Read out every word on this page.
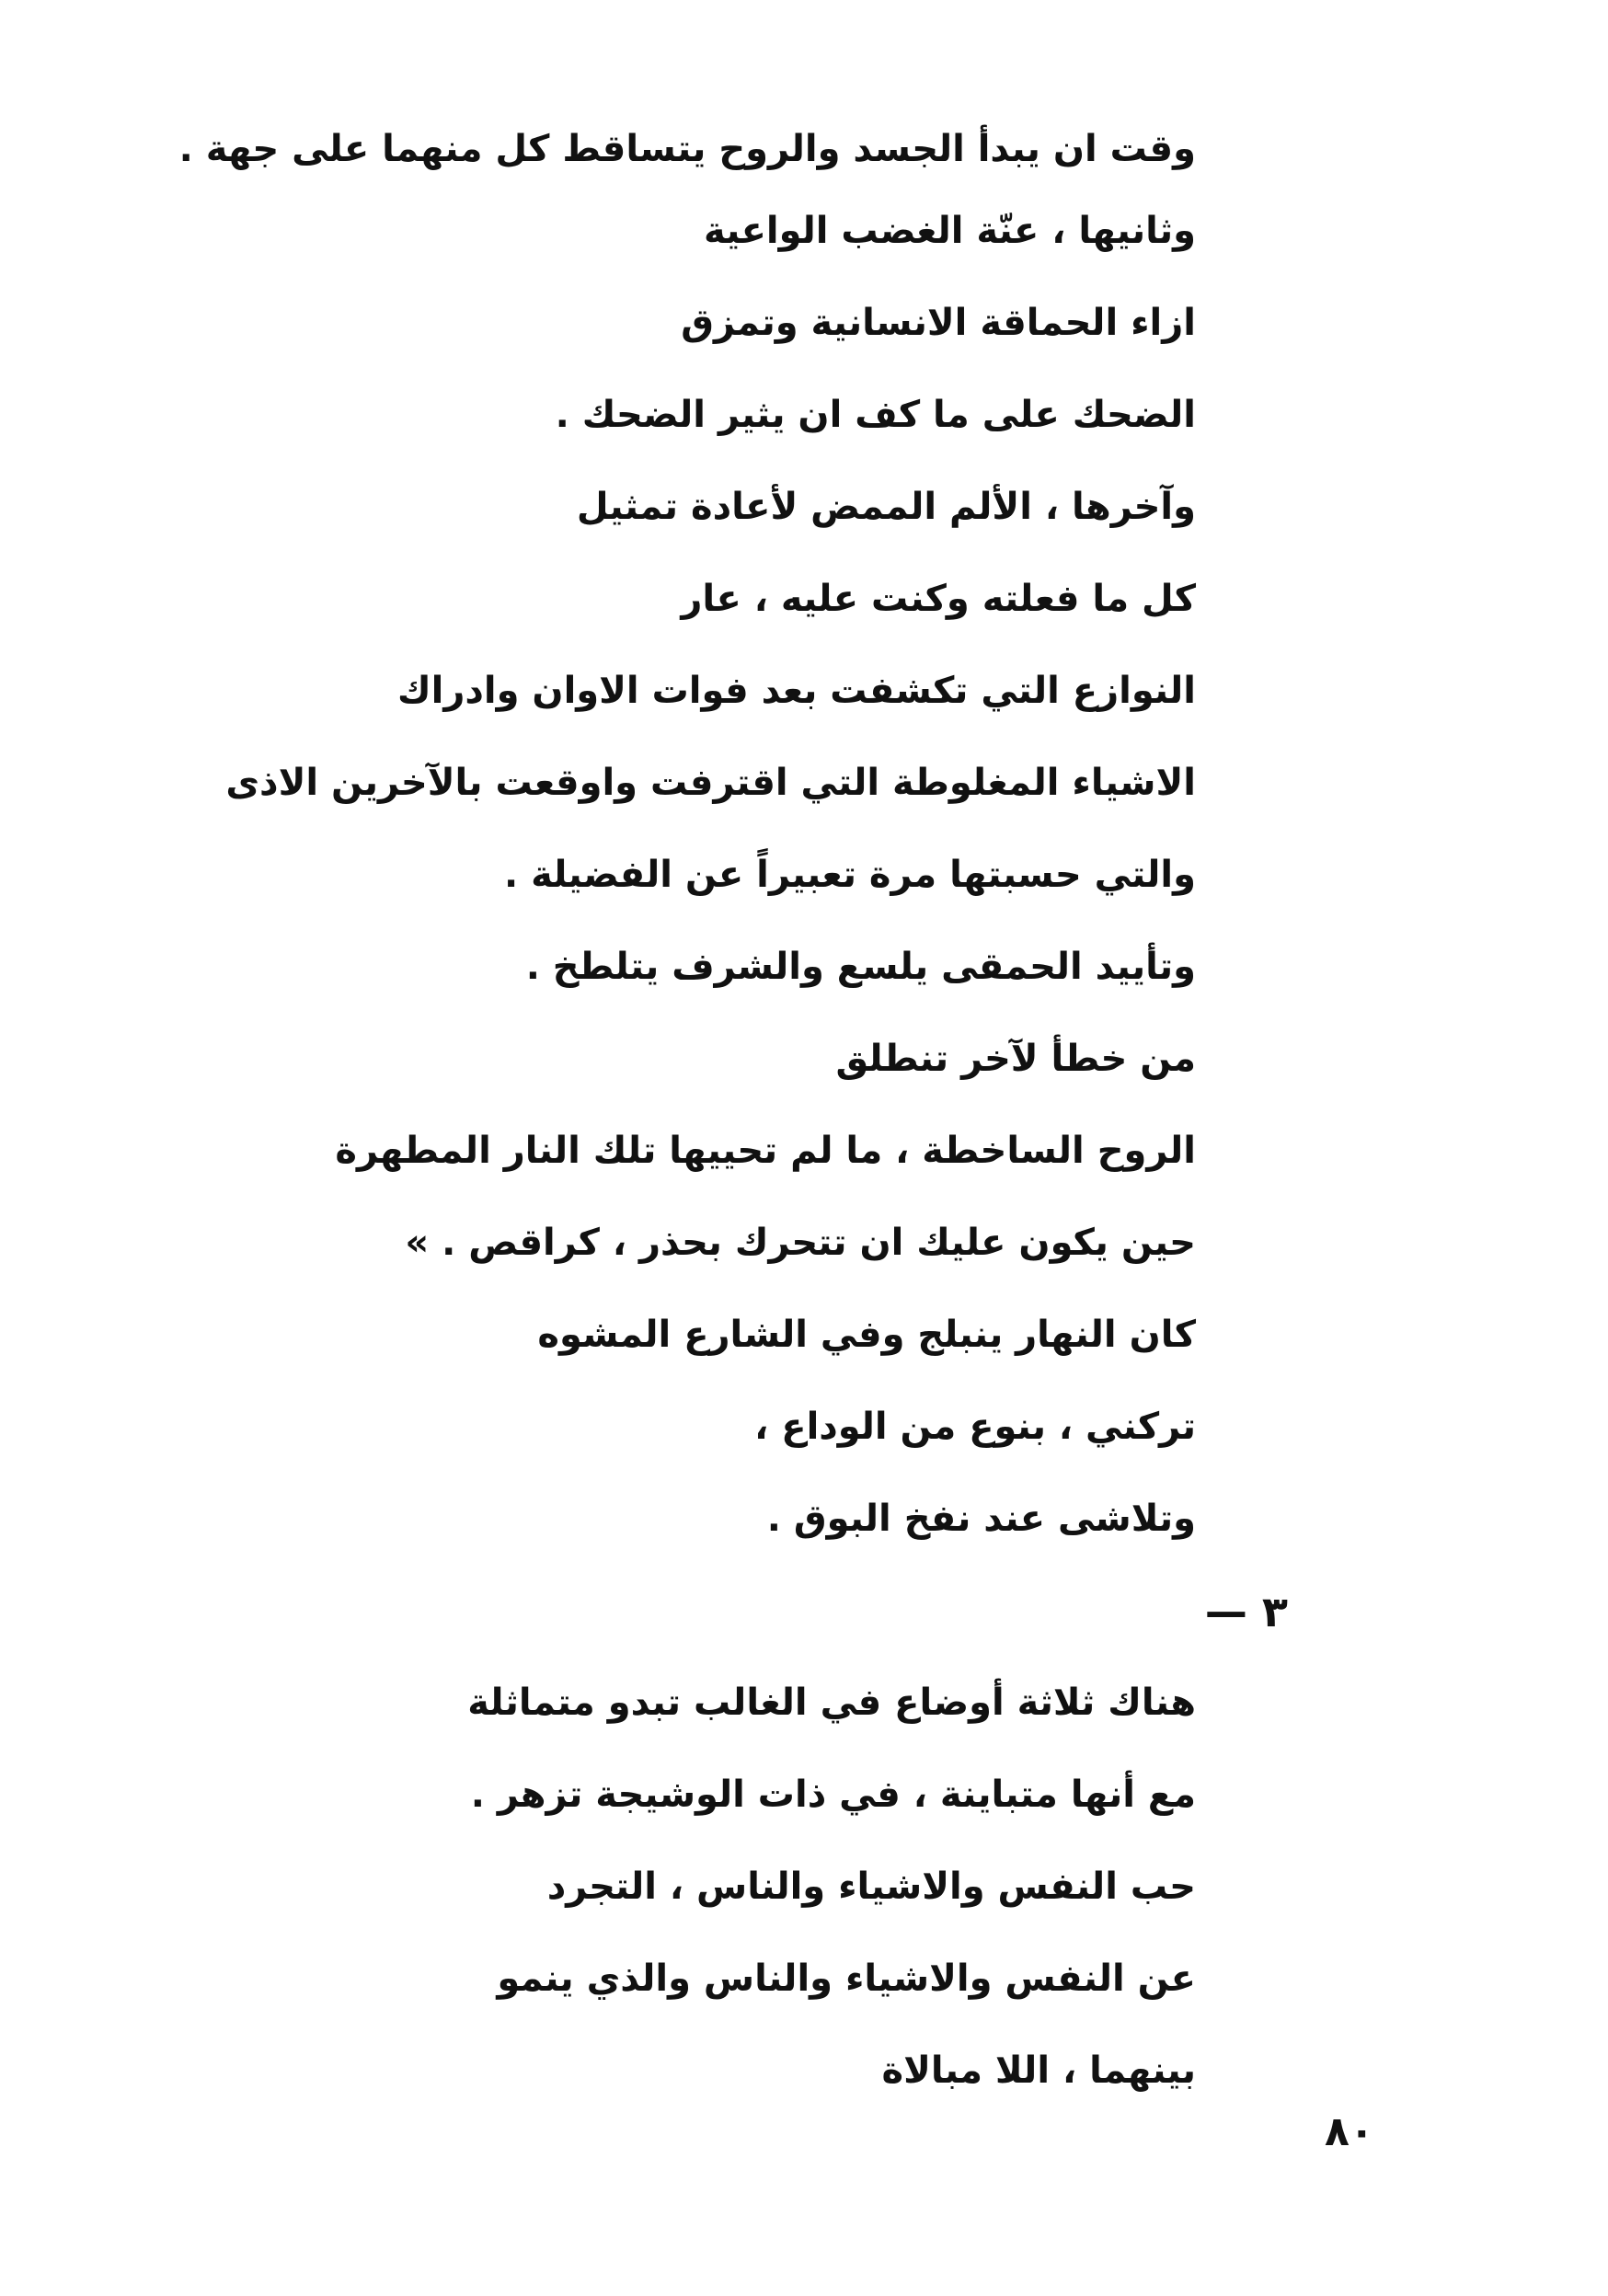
وقت ان يبدأ الجسد والروح يتساقط كل منهما على جهة .
وثانيها ، عنّة الغضب الواعية
ازاء الحماقة الانسانية وتمزق
الضحك على ما كف ان يثير الضحك .
وآخرها ، الألم الممض لأعادة تمثيل
كل ما فعلته وكنت عليه ، عار
النوازع التي تكشفت بعد فوات الاوان وادراك
الاشياء المغلوطة التي اقترفت واوقعت بالآخرين الاذى
والتي حسبتها مرة تعبيراً عن الفضيلة .
وتأييد الحمقى يلسع والشرف يتلطخ .
من خطأ لآخر تنطلق
الروح الساخطة ، ما لم تحييها تلك النار المطهرة
حين يكون عليك ان تتحرك بحذر ، كراقص . »
كان النهار ينبلج وفي الشارع المشوه
تركني ، بنوع من الوداع ،
وتلاشى عند نفخ البوق .
٣ —
هناك ثلاثة أوضاع في الغالب تبدو متماثلة
مع أنها متباينة ، في ذات الوشيجة تزهر .
حب النفس والاشياء والناس ، التجرد
عن النفس والاشياء والناس والذي ينمو
بينهما ، اللا مبالاة
٨٠
